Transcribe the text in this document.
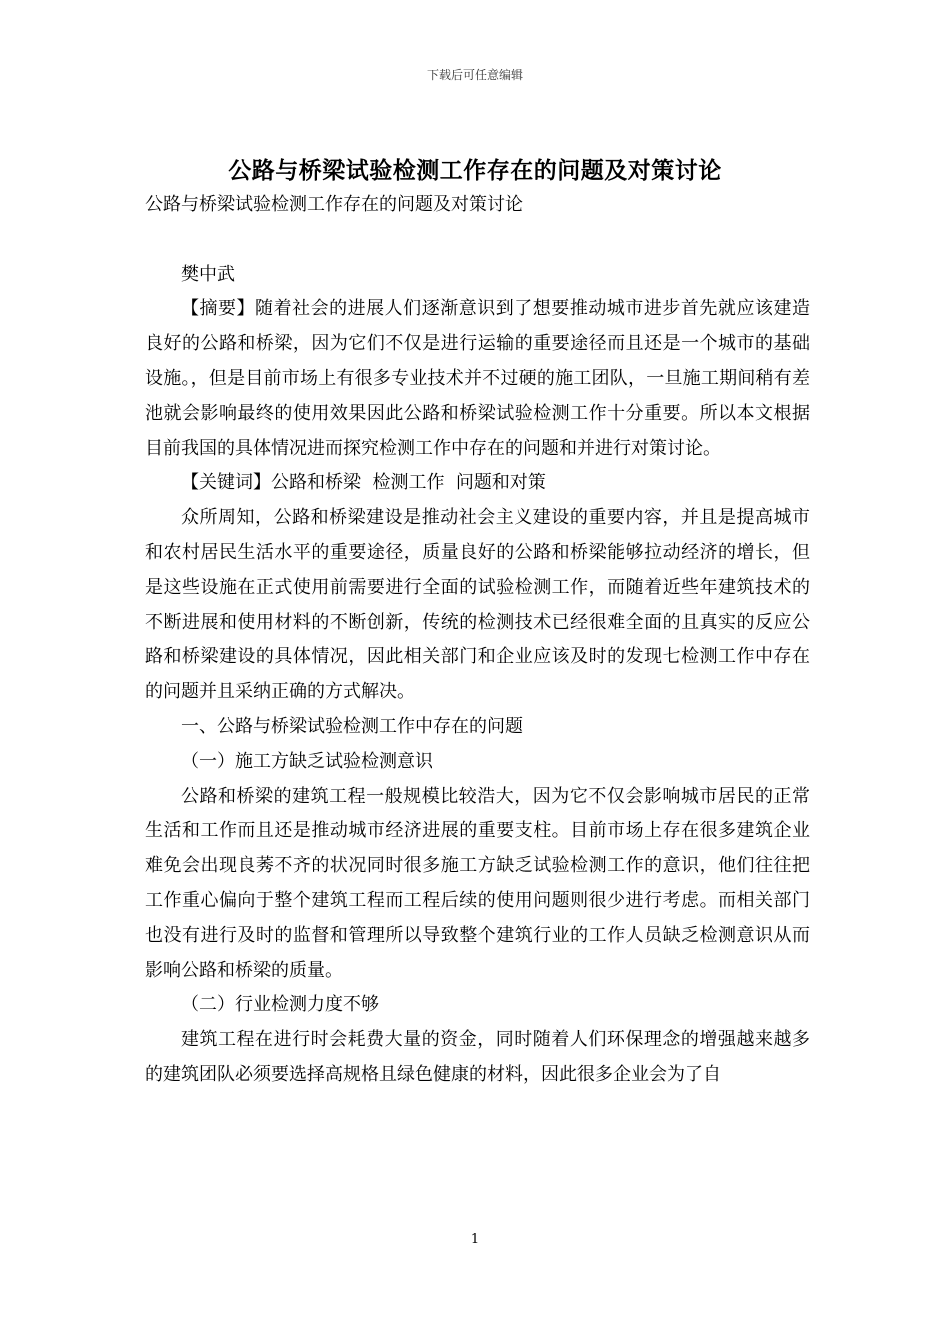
下载后可任意编辑
公路与桥梁试验检测工作存在的问题及对策讨论

公路与桥梁试验检测工作存在的问题及对策讨论

樊中武

【摘要】随着社会的进展人们逐渐意识到了想要推动城市进步首先就应该建造良好的公路和桥梁，因为它们不仅是进行运输的重要途径而且还是一个城市的基础设施。，但是目前市场上有很多专业技术并不过硬的施工团队，一旦施工期间稍有差池就会影响最终的使用效果因此公路和桥梁试验检测工作十分重要。所以本文根据目前我国的具体情况进而探究检测工作中存在的问题和并进行对策讨论。

【关键词】公路和桥梁  检测工作  问题和对策

众所周知，公路和桥梁建设是推动社会主义建设的重要内容，并且是提高城市和农村居民生活水平的重要途径，质量良好的公路和桥梁能够拉动经济的增长，但是这些设施在正式使用前需要进行全面的试验检测工作，而随着近些年建筑技术的不断进展和使用材料的不断创新，传统的检测技术已经很难全面的且真实的反应公路和桥梁建设的具体情况，因此相关部门和企业应该及时的发现七检测工作中存在的问题并且采纳正确的方式解决。

一、公路与桥梁试验检测工作中存在的问题

（一）施工方缺乏试验检测意识

公路和桥梁的建筑工程一般规模比较浩大，因为它不仅会影响城市居民的正常生活和工作而且还是推动城市经济进展的重要支柱。目前市场上存在很多建筑企业难免会出现良莠不齐的状况同时很多施工方缺乏试验检测工作的意识，他们往往把工作重心偏向于整个建筑工程而工程后续的使用问题则很少进行考虑。而相关部门也没有进行及时的监督和管理所以导致整个建筑行业的工作人员缺乏检测意识从而影响公路和桥梁的质量。

（二）行业检测力度不够

建筑工程在进行时会耗费大量的资金，同时随着人们环保理念的增强越来越多的建筑团队必须要选择高规格且绿色健康的材料，因此很多企业会为了自

1
